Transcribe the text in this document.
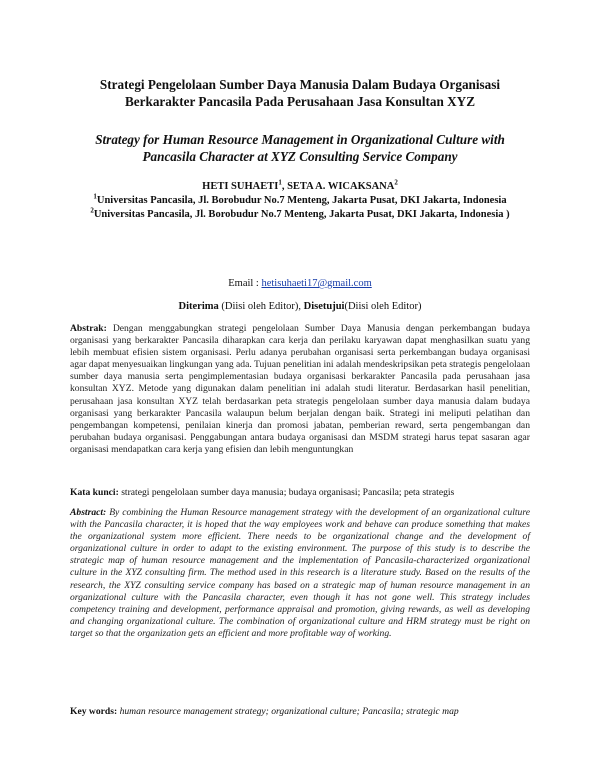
Strategi Pengelolaan Sumber Daya Manusia Dalam Budaya Organisasi Berkarakter Pancasila Pada Perusahaan Jasa Konsultan XYZ
Strategy for Human Resource Management in Organizational Culture with Pancasila Character at XYZ Consulting Service Company
HETI SUHAETI$^1$, SETA A. WICAKSANA$^2$
$^1$Universitas Pancasila, Jl. Borobudur No.7 Menteng, Jakarta Pusat, DKI Jakarta, Indonesia
$^2$Universitas Pancasila, Jl. Borobudur No.7 Menteng, Jakarta Pusat, DKI Jakarta, Indonesia )
Email : hetisuhaeti17@gmail.com
Diterima (Diisi oleh Editor), Disetujui(Diisi oleh Editor)
Abstrak: Dengan menggabungkan strategi pengelolaan Sumber Daya Manusia dengan perkembangan budaya organisasi yang berkarakter Pancasila diharapkan cara kerja dan perilaku karyawan dapat menghasilkan suatu yang lebih membuat efisien sistem organisasi. Perlu adanya perubahan organisasi serta perkembangan budaya organisasi agar dapat menyesuaikan lingkungan yang ada. Tujuan penelitian ini adalah mendeskripsikan peta strategis pengelolaan sumber daya manusia serta pengimplementasian budaya organisasi berkarakter Pancasila pada perusahaan jasa konsultan XYZ. Metode yang digunakan dalam penelitian ini adalah studi literatur. Berdasarkan hasil penelitian, perusahaan jasa konsultan XYZ telah berdasarkan peta strategis pengelolaan sumber daya manusia dalam budaya organisasi yang berkarakter Pancasila walaupun belum berjalan dengan baik. Strategi ini meliputi pelatihan dan pengembangan kompetensi, penilaian kinerja dan promosi jabatan, pemberian reward, serta pengembangan dan perubahan budaya organisasi. Penggabungan antara budaya organisasi dan MSDM strategi harus tepat sasaran agar organisasi mendapatkan cara kerja yang efisien dan lebih menguntungkan
Kata kunci: strategi pengelolaan sumber daya manusia; budaya organisasi; Pancasila; peta strategis
Abstract: By combining the Human Resource management strategy with the development of an organizational culture with the Pancasila character, it is hoped that the way employees work and behave can produce something that makes the organizational system more efficient. There needs to be organizational change and the development of organizational culture in order to adapt to the existing environment. The purpose of this study is to describe the strategic map of human resource management and the implementation of Pancasila-characterized organizational culture in the XYZ consulting firm. The method used in this research is a literature study. Based on the results of the research, the XYZ consulting service company has based on a strategic map of human resource management in an organizational culture with the Pancasila character, even though it has not gone well. This strategy includes competency training and development, performance appraisal and promotion, giving rewards, as well as developing and changing organizational culture. The combination of organizational culture and HRM strategy must be right on target so that the organization gets an efficient and more profitable way of working.
Key words: human resource management strategy; organizational culture; Pancasila; strategic map
